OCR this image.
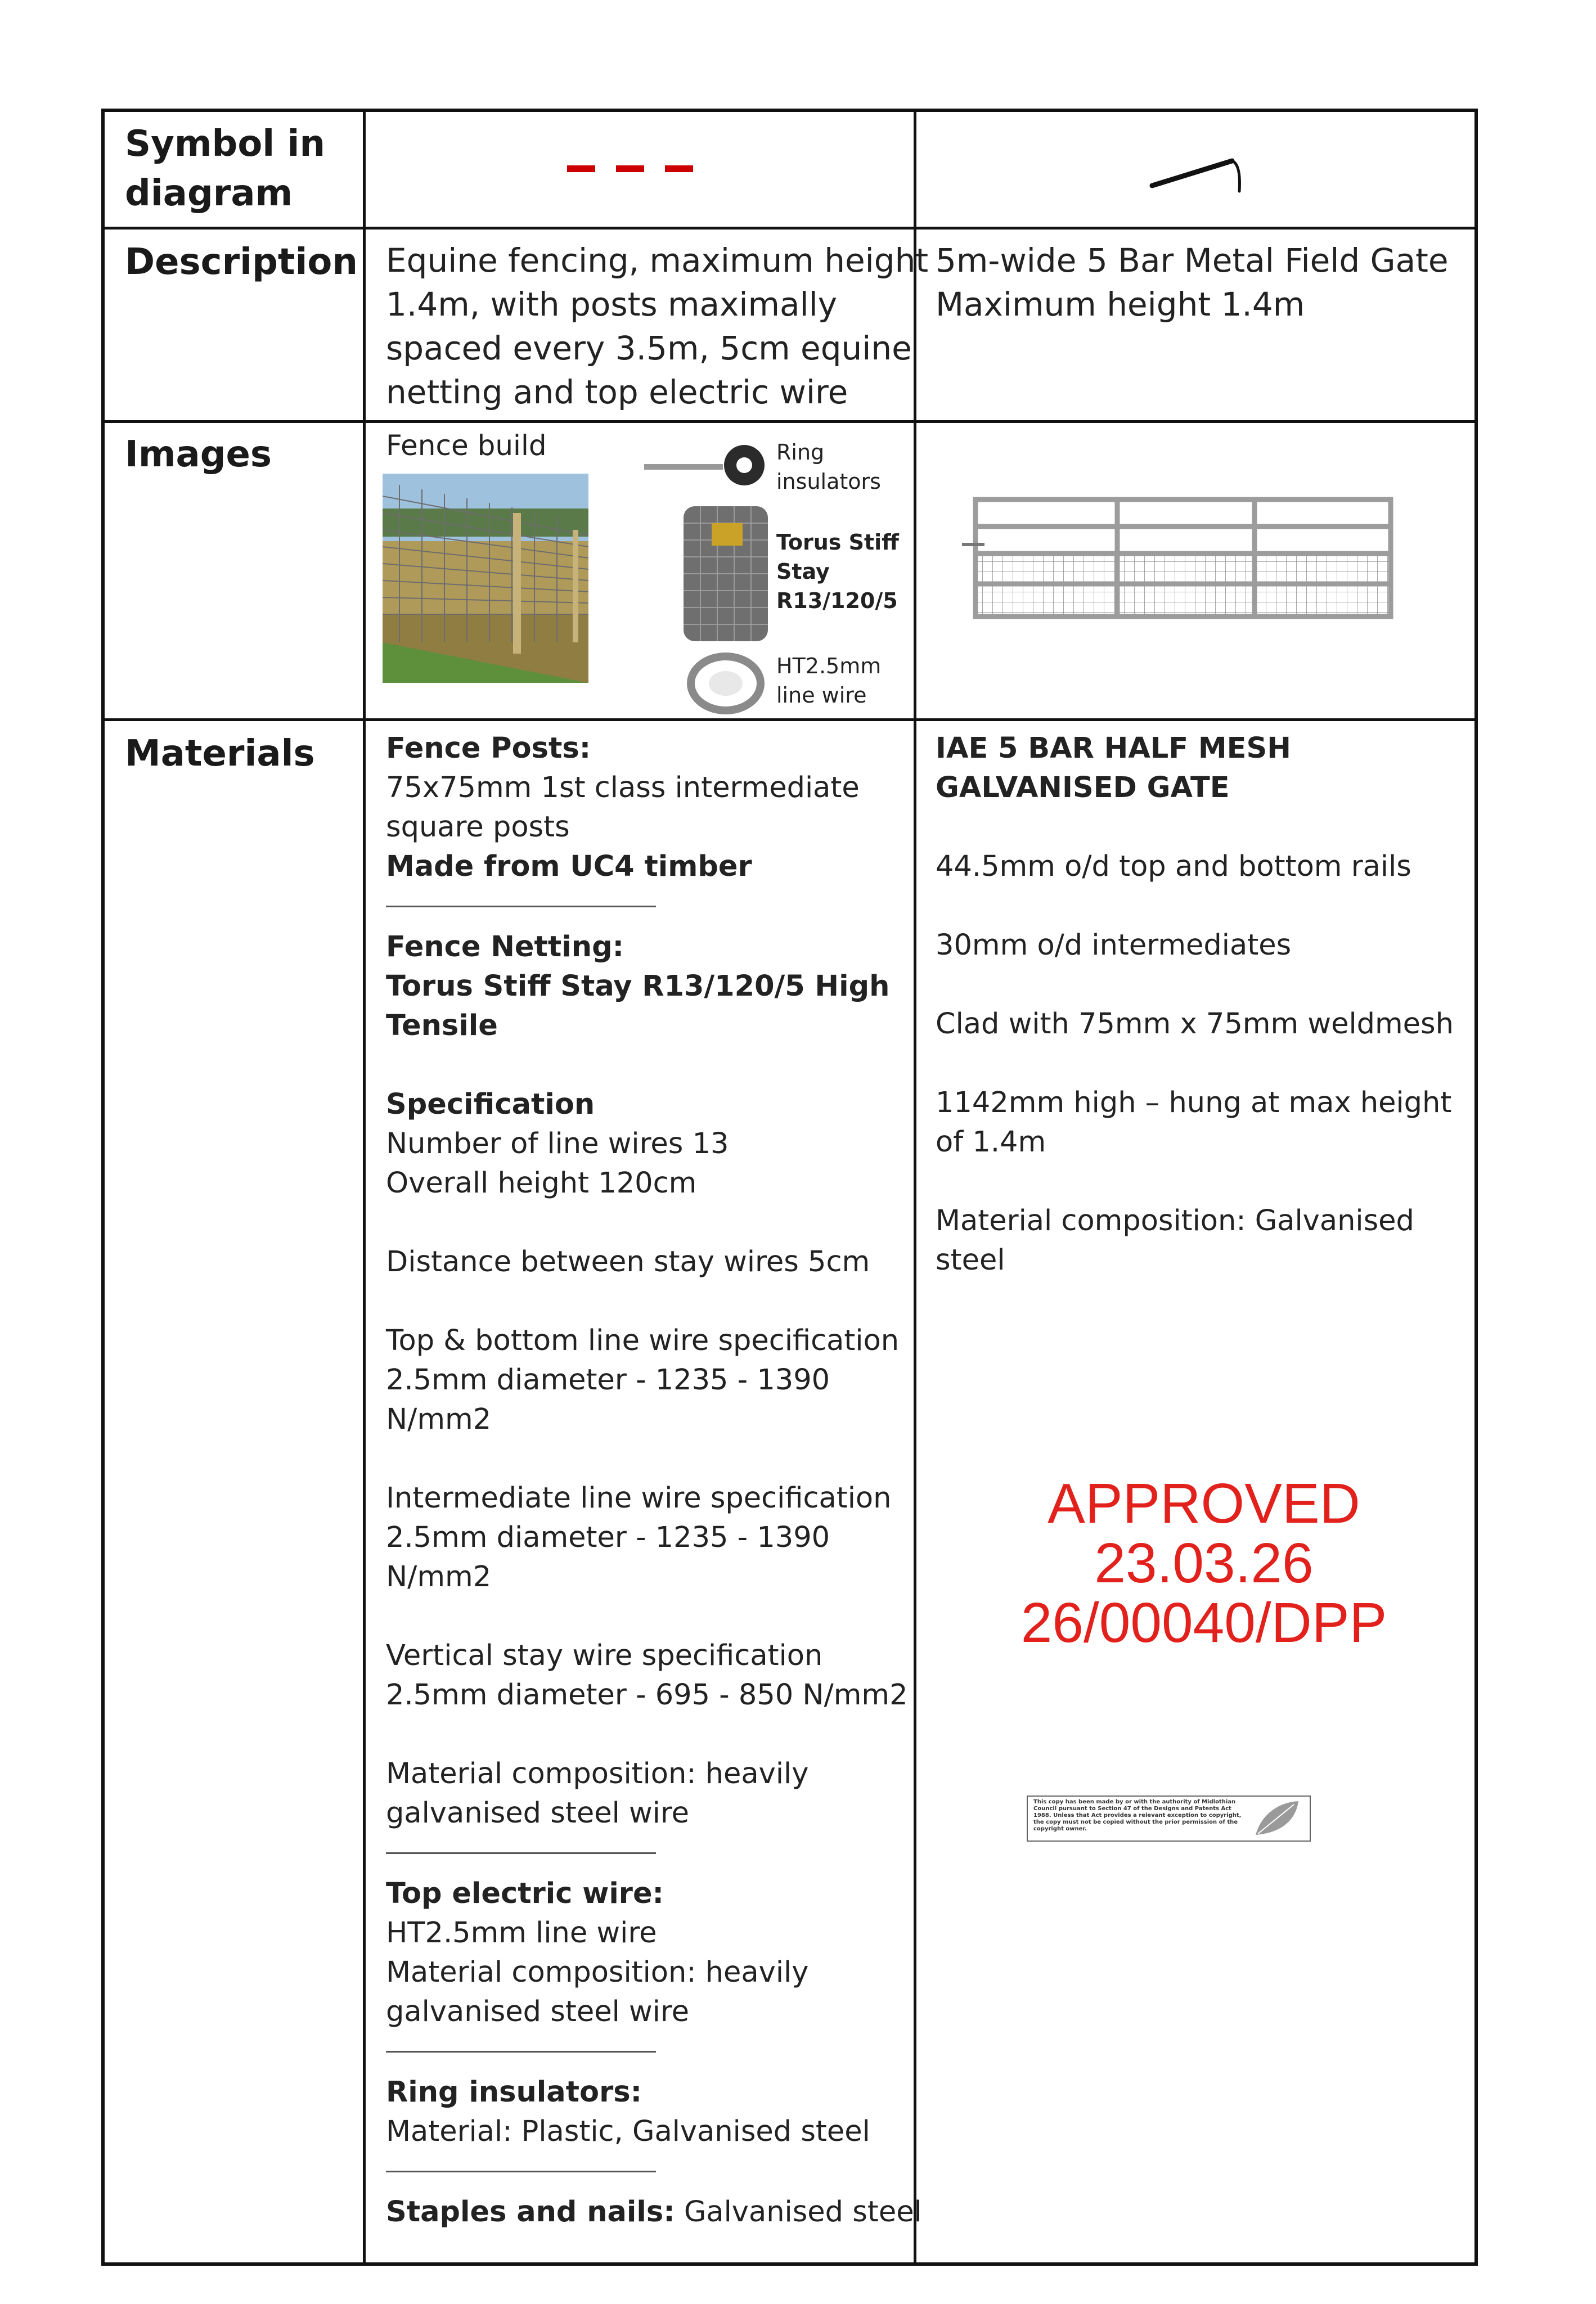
Symbol in
diagram
Description
Images
Materials
Equine fencing, maximum height
1.4m, with posts maximally
spaced every 3.5m, 5cm equine
netting and top electric wire
5m-wide 5 Bar Metal Field Gate
Maximum height 1.4m
Fence build	Ring
insulators
Torus Stiff
Stay
R13/120/5
HT2.5mm
line wire
Fence Posts:
75x75mm 1st class intermediate
square posts
Made from UC4 timber
Fence Netting:
Torus Stiff Stay R13/120/5 High
Tensile
Specification
Number of line wires 13
Overall height 120cm
Distance between stay wires 5cm
Top & bottom line wire specification
2.5mm diameter - 1235 - 1390
N/mm2
Intermediate line wire specification
2.5mm diameter - 1235 - 1390
N/mm2
Vertical stay wire specification
2.5mm diameter - 695 - 850 N/mm2
Material composition: heavily
galvanised steel wire
Top electric wire:
HT2.5mm line wire
Material composition: heavily
galvanised steel wire
Ring insulators:
Material: Plastic, Galvanised steel
Staples and nails: Galvanised steel
IAE 5 BAR HALF MESH
GALVANISED GATE
44.5mm o/d top and bottom rails
30mm o/d intermediates
Clad with 75mm x 75mm weldmesh
1142mm high – hung at max height
of 1.4m
Material composition: Galvanised
steel
APPROVED
23.03.26
26/00040/DPP
This copy has been made by or with the authority of Midlothian Council pursuant to Section 47 of the Designs and Patents Act 1988. Unless that Act provides a relevant exception to copyright, the copy must not be copied without the prior permission of the copyright owner.
